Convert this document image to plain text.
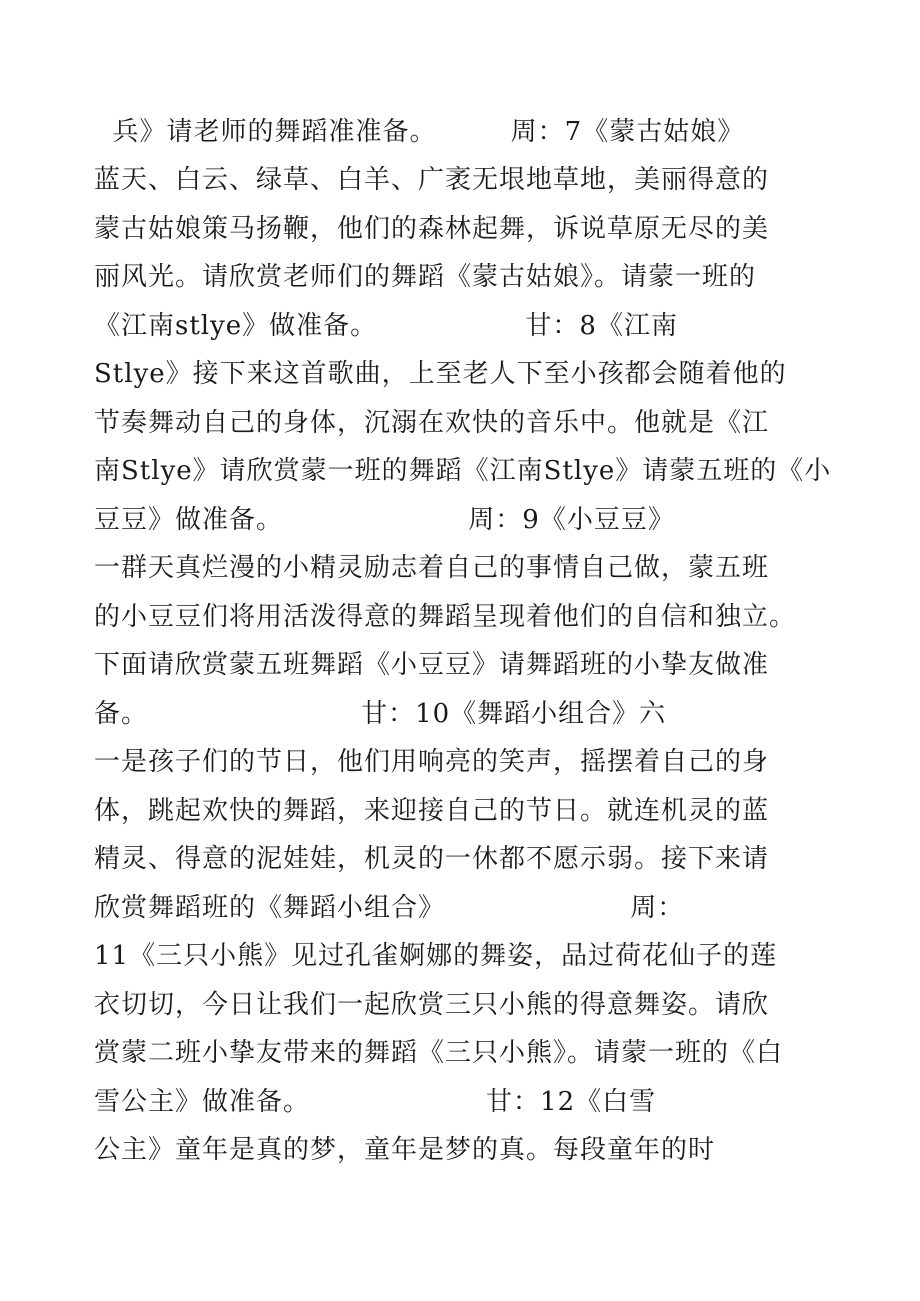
兵》请老师的舞蹈准准备。        周：7《蒙古姑娘》
蓝天、白云、绿草、白羊、广袤无垠地草地，美丽得意的
蒙古姑娘策马扬鞭，他们的森林起舞，诉说草原无尽的美
丽风光。请欣赏老师们的舞蹈《蒙古姑娘》。请蒙一班的
《江南stlye》做准备。                甘：8《江南
Stlye》接下来这首歌曲，上至老人下至小孩都会随着他的
节奏舞动自己的身体，沉溺在欢快的音乐中。他就是《江
南Stlye》请欣赏蒙一班的舞蹈《江南Stlye》请蒙五班的《小
豆豆》做准备。                    周：9《小豆豆》
一群天真烂漫的小精灵励志着自己的事情自己做，蒙五班
的小豆豆们将用活泼得意的舞蹈呈现着他们的自信和独立。
下面请欣赏蒙五班舞蹈《小豆豆》请舞蹈班的小挚友做准
备。                       甘：10《舞蹈小组合》六
一是孩子们的节日，他们用响亮的笑声，摇摆着自己的身
体，跳起欢快的舞蹈，来迎接自己的节日。就连机灵的蓝
精灵、得意的泥娃娃，机灵的一休都不愿示弱。接下来请
欣赏舞蹈班的《舞蹈小组合》                    周：
11《三只小熊》见过孔雀婀娜的舞姿，品过荷花仙子的莲
衣切切，今日让我们一起欣赏三只小熊的得意舞姿。请欣
赏蒙二班小挚友带来的舞蹈《三只小熊》。请蒙一班的《白
雪公主》做准备。                   甘：12《白雪
公主》童年是真的梦，童年是梦的真。每段童年的时
